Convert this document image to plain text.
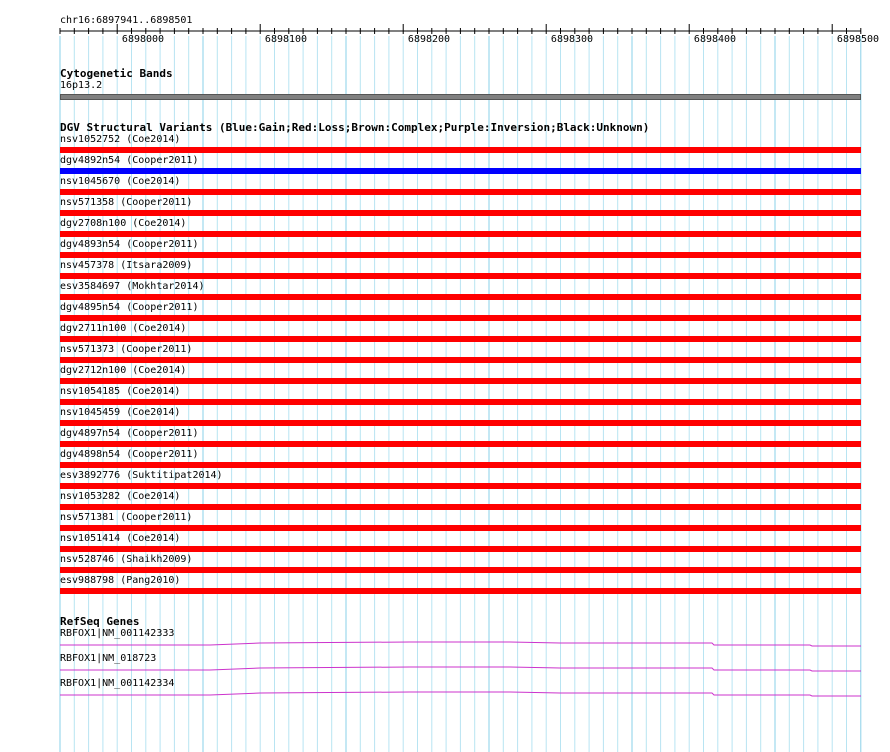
chr16:6897941..6898501
6898000	6898100	6898200	6898300	6898400	6898500
Cytogenetic Bands
16p13.2
DGV Structural Variants (Blue:Gain;Red:Loss;Brown:Complex;Purple:Inversion;Black:Unknown)
nsv1052752 (Coe2014)
dgv4892n54 (Cooper2011)
nsv1045670 (Coe2014)
nsv571358 (Cooper2011)
dgv2708n100 (Coe2014)
dgv4893n54 (Cooper2011)
nsv457378 (Itsara2009)
esv3584697 (Mokhtar2014)
dgv4895n54 (Cooper2011)
dgv2711n100 (Coe2014)
nsv571373 (Cooper2011)
dgv2712n100 (Coe2014)
nsv1054185 (Coe2014)
nsv1045459 (Coe2014)
dgv4897n54 (Cooper2011)
dgv4898n54 (Cooper2011)
esv3892776 (Suktitipat2014)
nsv1053282 (Coe2014)
nsv571381 (Cooper2011)
nsv1051414 (Coe2014)
nsv528746 (Shaikh2009)
esv988798 (Pang2010)
RefSeq Genes
RBFOX1|NM_001142333
RBFOX1|NM_018723
RBFOX1|NM_001142334
